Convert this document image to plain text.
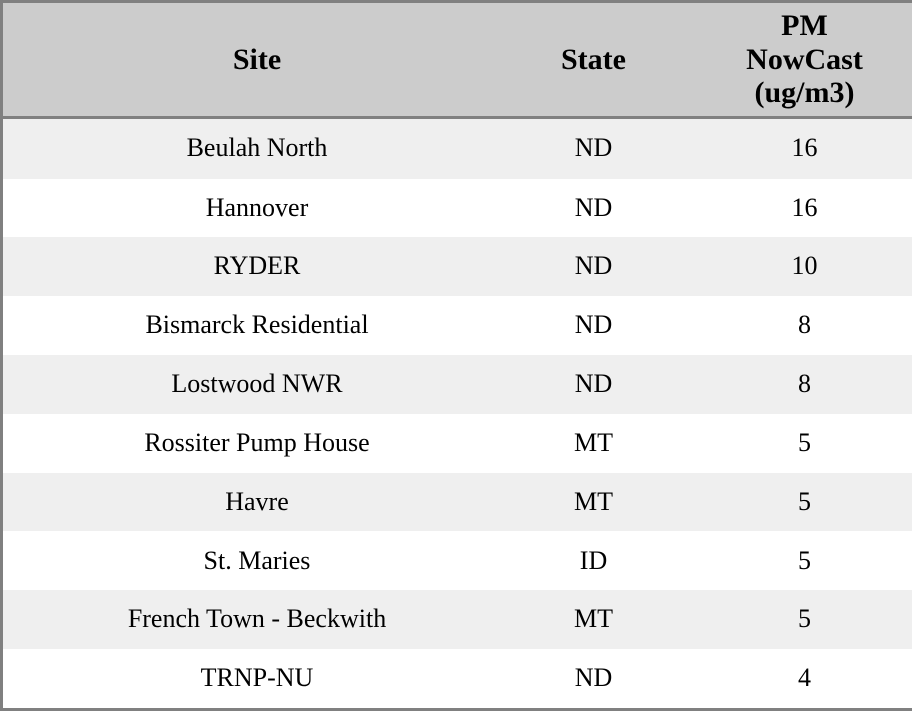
Site	State	PM
NowCast
(ug/m3)
Beulah North	ND	16
Hannover	ND	16
RYDER	ND	10
Bismarck Residential	ND	8
Lostwood NWR	ND	8
Rossiter Pump House	MT	5
Havre	MT	5
St. Maries	ID	5
French Town - Beckwith	MT	5
TRNP-NU	ND	4
